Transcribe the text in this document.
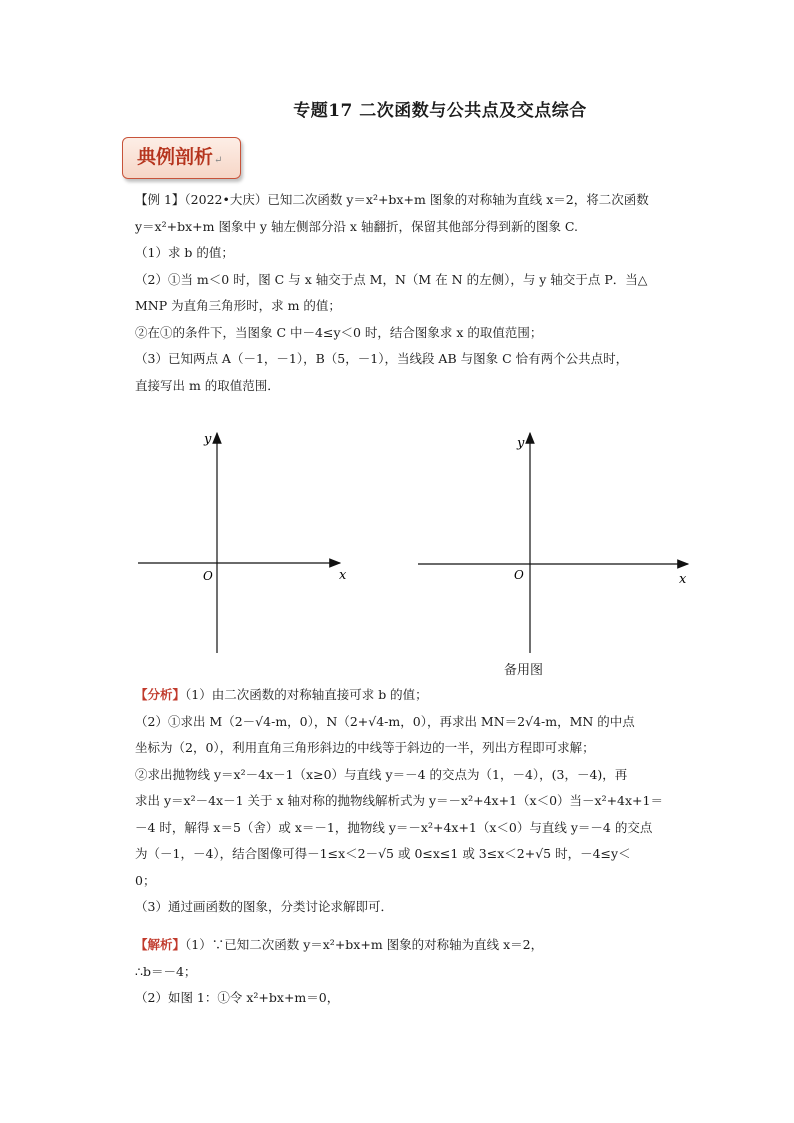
专题17 二次函数与公共点及交点综合
典例剖析↵

【例 1】（2022•大庆）已知二次函数 y＝x²+bx+m 图象的对称轴为直线 x＝2，将二次函数

y＝x²+bx+m 图象中 y 轴左侧部分沿 x 轴翻折，保留其他部分得到新的图象 C.

（1）求 b 的值；

（2）①当 m＜0 时，图 C 与 x 轴交于点 M，N（M 在 N 的左侧），与 y 轴交于点 P．当△

MNP 为直角三角形时，求 m 的值；

②在①的条件下，当图象 C 中－4≤y＜0 时，结合图象求 x 的取值范围；

（3）已知两点 A（－1，－1），B（5，－1），当线段 AB 与图象 C 恰有两个公共点时，

直接写出 m 的取值范围．

y
x
O
y
x
O
备用图

【分析】（1）由二次函数的对称轴直接可求 b 的值；

（2）①求出 M（2－√4-m，0），N（2+√4-m，0），再求出 MN＝2√4-m，MN 的中点

坐标为（2，0），利用直角三角形斜边的中线等于斜边的一半，列出方程即可求解；

②求出抛物线 y＝x²－4x－1（x≥0）与直线 y＝－4 的交点为（1，－4），(3，－4)，再

求出 y＝x²－4x－1 关于 x 轴对称的抛物线解析式为 y＝－x²+4x+1（x＜0）当－x²+4x+1＝

－4 时，解得 x＝5（舍）或 x＝－1，抛物线 y＝－x²+4x+1（x＜0）与直线 y＝－4 的交点

为（－1，－4），结合图像可得－1≤x＜2－√5 或 0≤x≤1 或 3≤x＜2+√5 时，－4≤y＜

0；

（3）通过画函数的图象，分类讨论求解即可．

【解析】（1）∵已知二次函数 y＝x²+bx+m 图象的对称轴为直线 x＝2，

∴b＝－4；

（2）如图 1：①令 x²+bx+m＝0，
